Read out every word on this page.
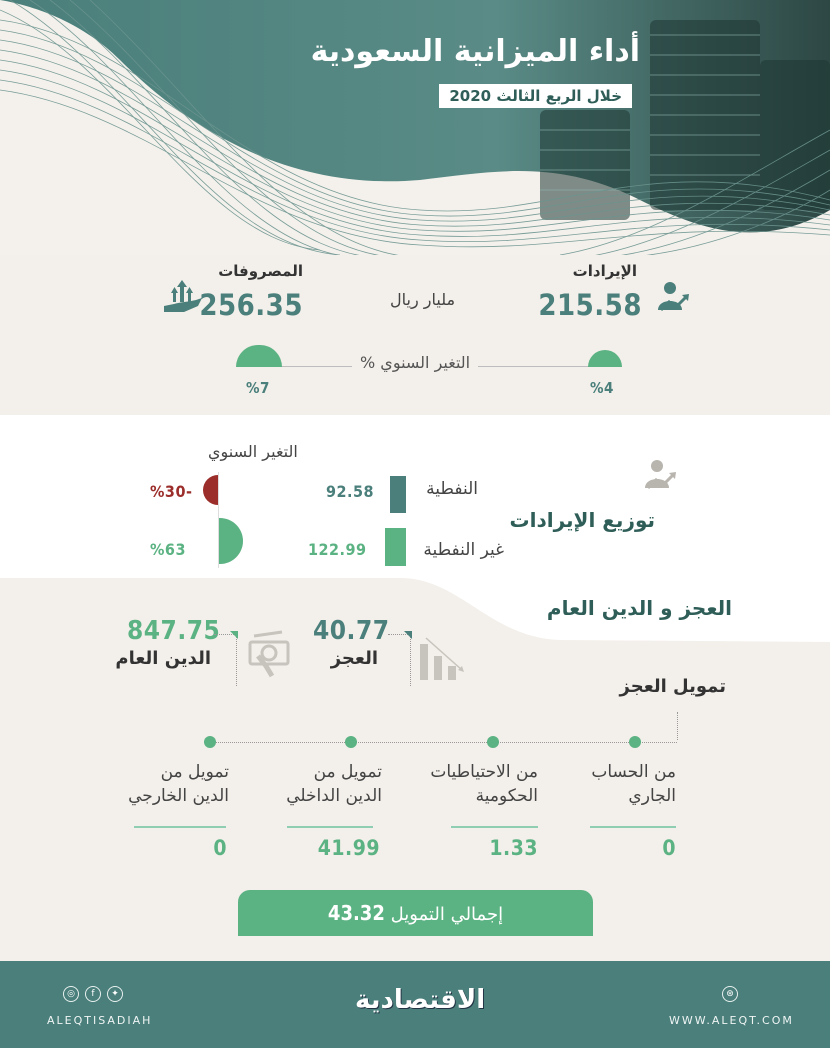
أداء الميزانية السعودية
خلال الربع الثالث 2020
الإيرادات
215.58
المصروفات
256.35	مليار ريال
التغير السنوي %
%7	%4
توزيع الإيرادات
التغير السنوي
النفطية
92.58
%30-
غير النفطية
122.99
%63
العجز و الدين العام
40.77
العجز
847.75
الدين العام
تمويل العجز
من الحساب
الجاري
0
من الاحتياطيات
الحكومية
1.33
تمويل من
الدين الداخلي
41.99
تمويل من
الدين الخارجي
0
إجمالي التمويل 43.32
◎	f	✦
ALEQTISADIAH
الاقتصادية	⊛
WWW.ALEQT.COM
